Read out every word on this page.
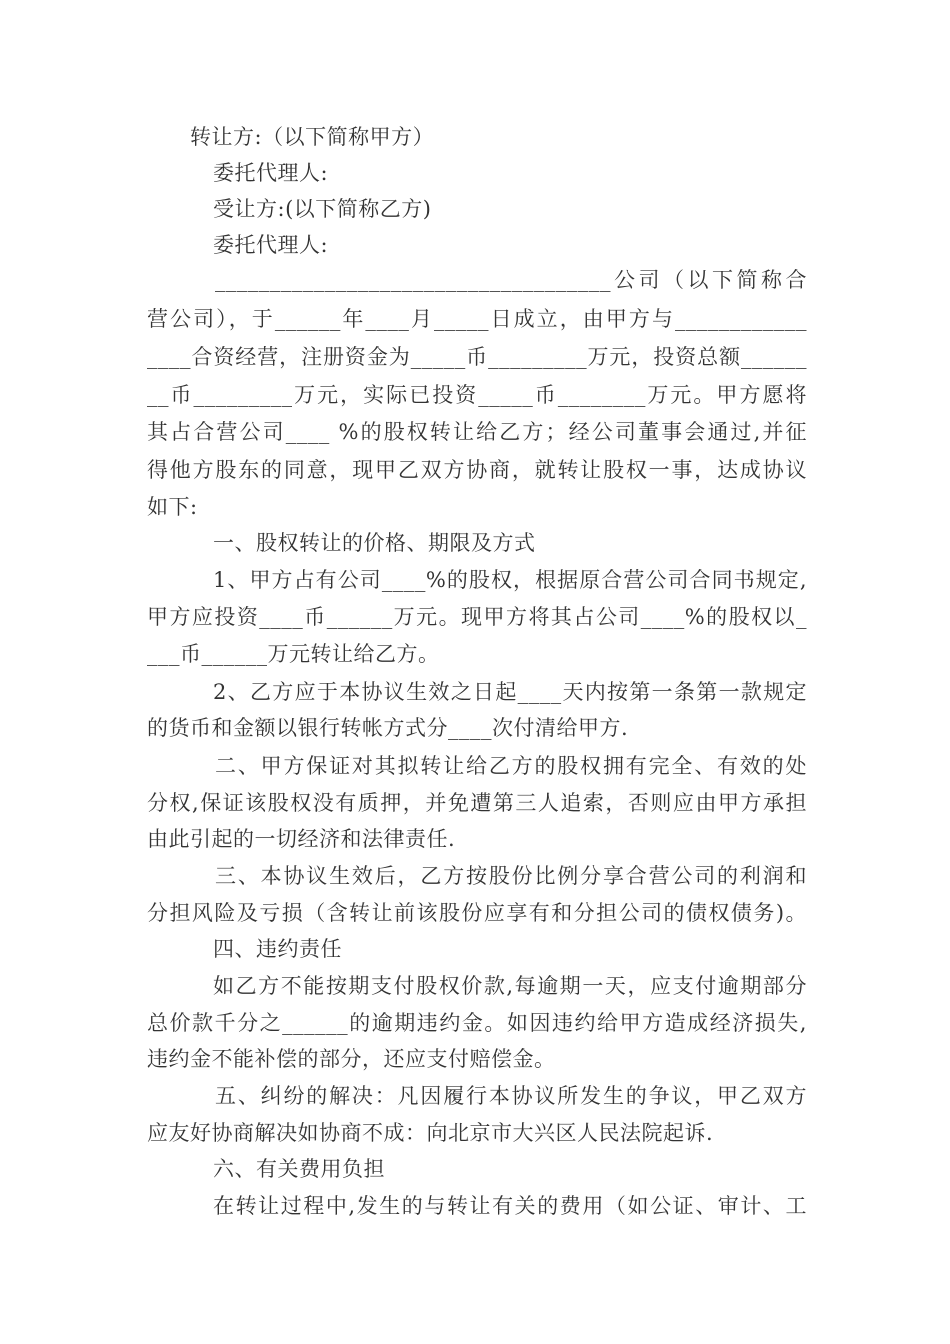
转让方:（以下简称甲方）
委托代理人:
受让方:(以下简称乙方)
委托代理人:
____________________________________公司（以下简称合
营公司），于______年____月_____日成立，由甲方与____________
____合资经营，注册资金为_____币_________万元，投资总额______
__币_________万元，实际已投资_____币________万元。甲方愿将
其占合营公司____ %的股权转让给乙方；经公司董事会通过,并征
得他方股东的同意，现甲乙双方协商，就转让股权一事，达成协议
如下:
一、股权转让的价格、期限及方式
1、甲方占有公司____%的股权，根据原合营公司合同书规定,
甲方应投资____币______万元。现甲方将其占公司____%的股权以_
___币______万元转让给乙方。
2、乙方应于本协议生效之日起____天内按第一条第一款规定
的货币和金额以银行转帐方式分____次付清给甲方.
二、甲方保证对其拟转让给乙方的股权拥有完全、有效的处
分权,保证该股权没有质押，并免遭第三人追索，否则应由甲方承担
由此引起的一切经济和法律责任.
三、本协议生效后，乙方按股份比例分享合营公司的利润和
分担风险及亏损（含转让前该股份应享有和分担公司的债权债务)。
四、违约责任
如乙方不能按期支付股权价款,每逾期一天，应支付逾期部分
总价款千分之______的逾期违约金。如因违约给甲方造成经济损失,
违约金不能补偿的部分，还应支付赔偿金。
五、纠纷的解决：凡因履行本协议所发生的争议，甲乙双方
应友好协商解决如协商不成：向北京市大兴区人民法院起诉.
六、有关费用负担
在转让过程中,发生的与转让有关的费用（如公证、审计、工
